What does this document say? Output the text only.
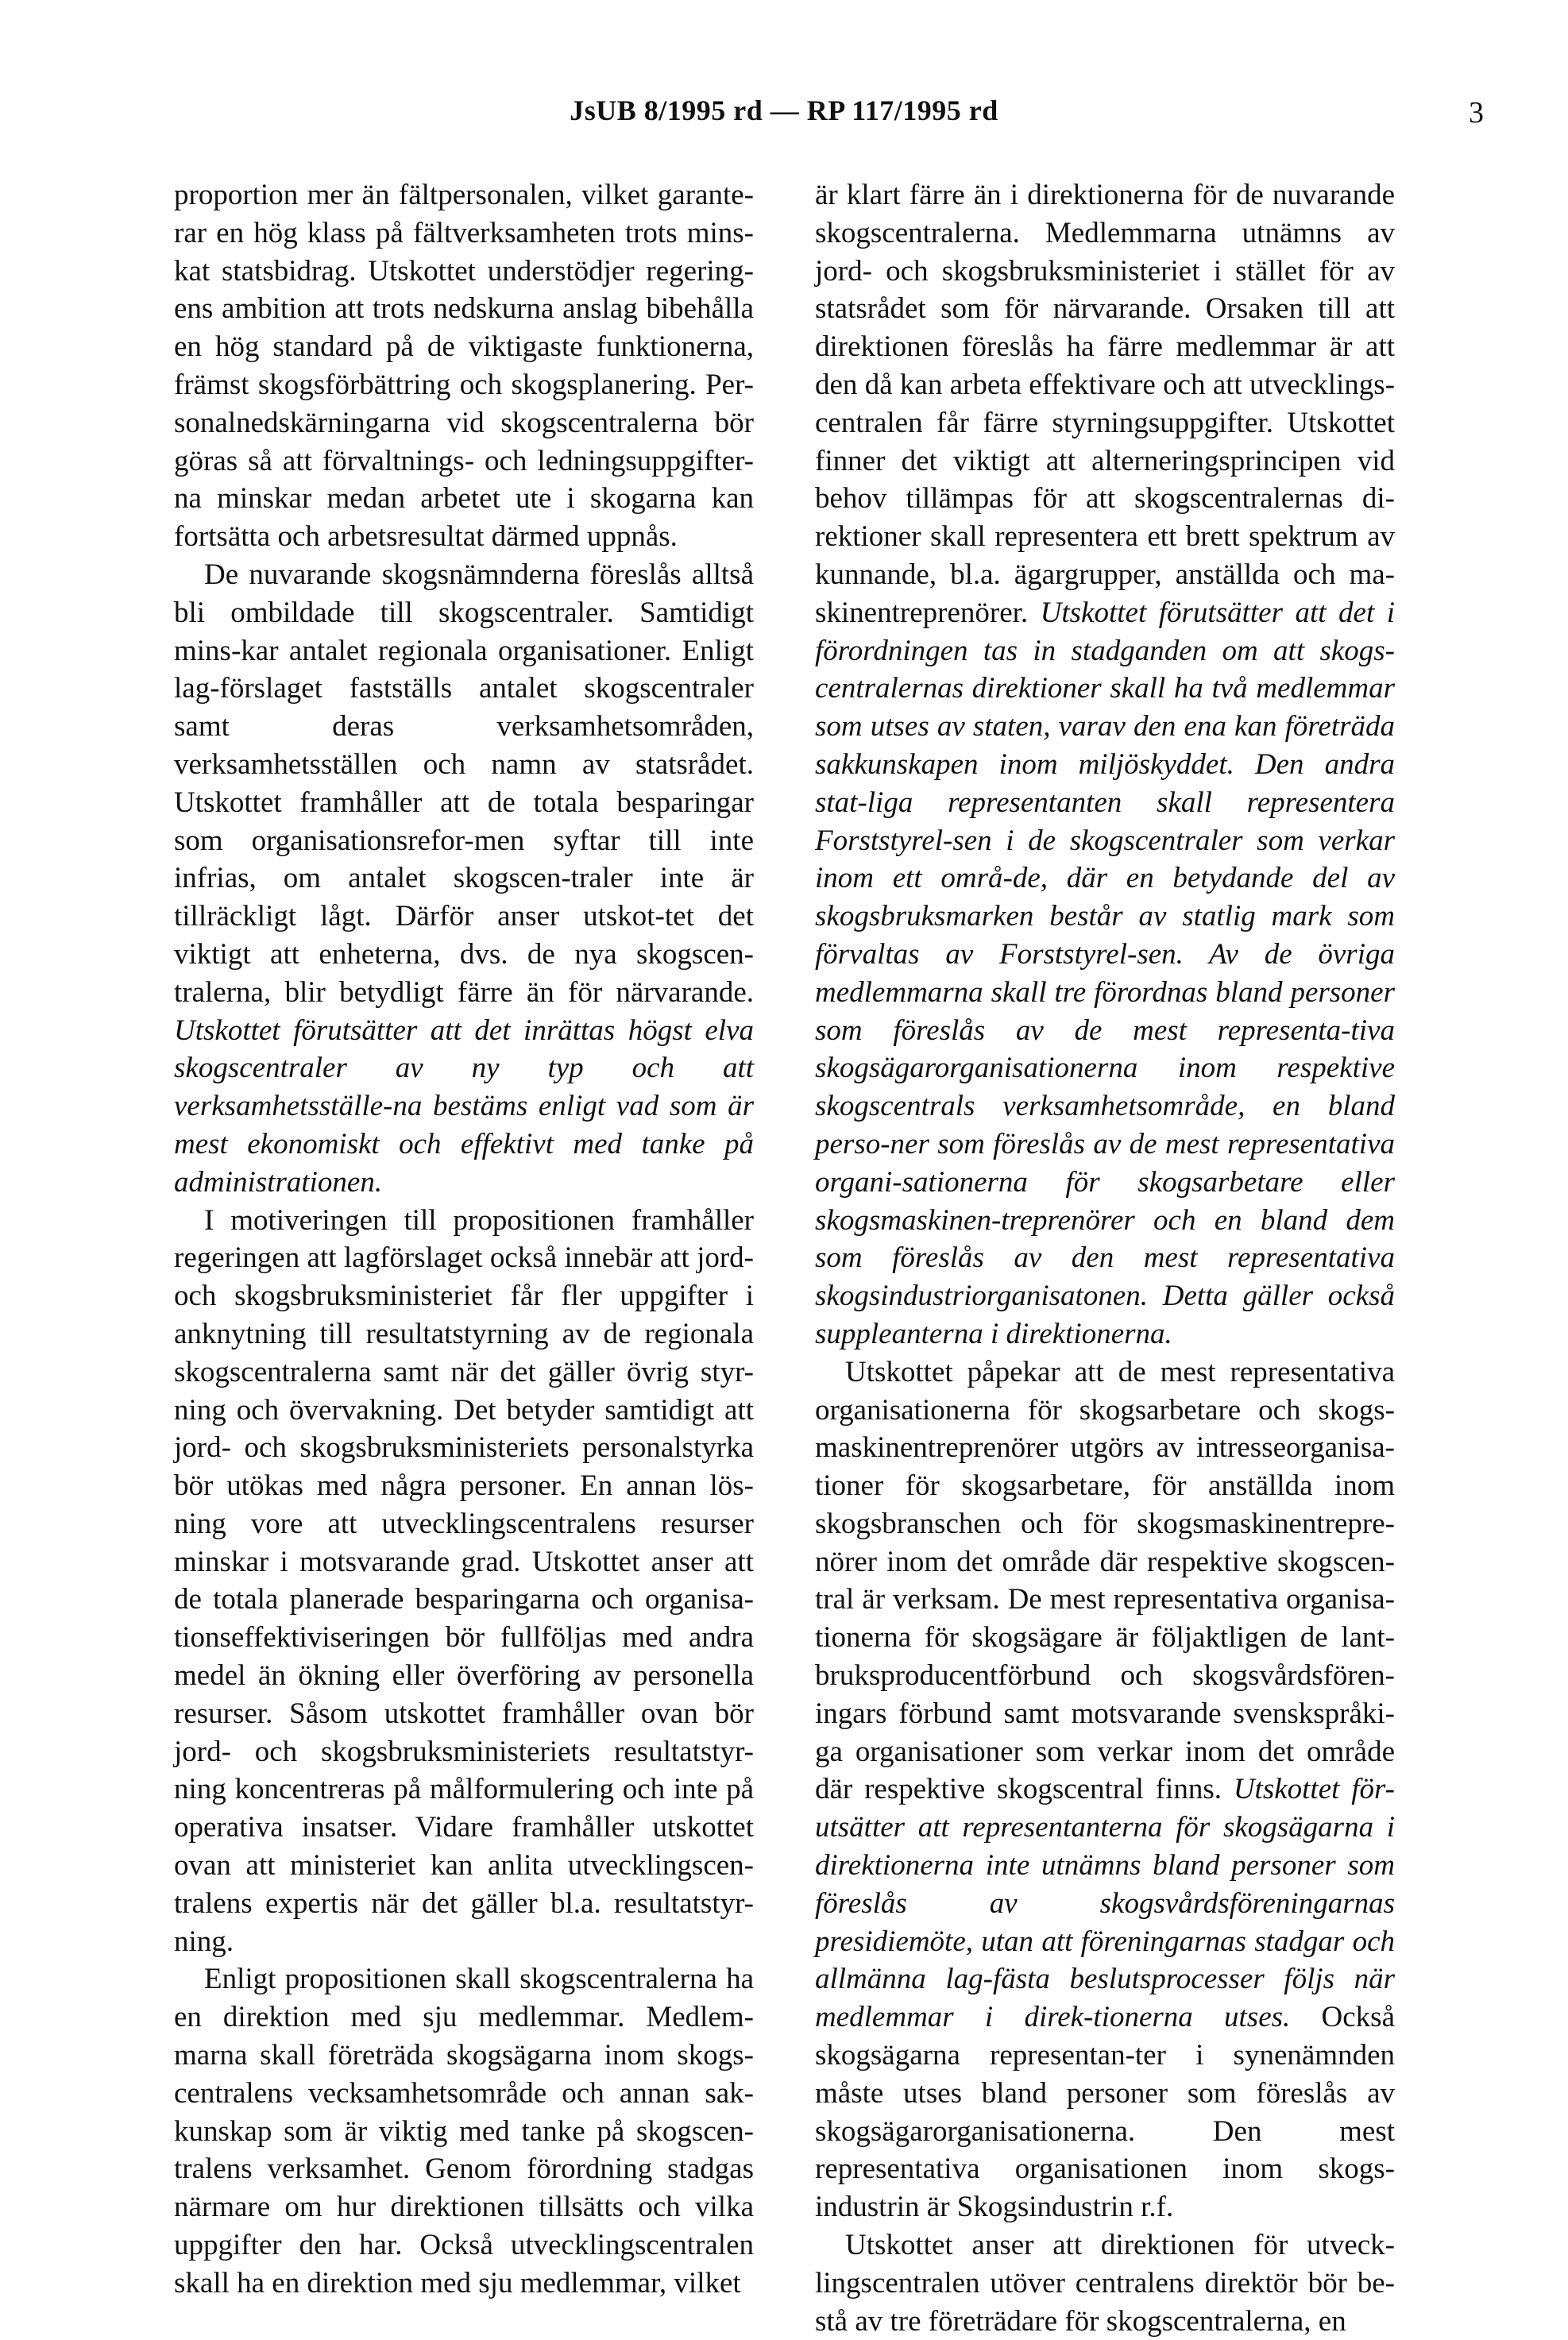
JsUB 8/1995 rd — RP 117/1995 rd	3

proportion mer än fältpersonalen, vilket garante-rar en hög klass på fältverksamheten trots mins-kat statsbidrag. Utskottet understödjer regering-ens ambition att trots nedskurna anslag bibehålla en hög standard på de viktigaste funktionerna, främst skogsförbättring och skogsplanering. Per-sonalnedskärningarna vid skogscentralerna bör göras så att förvaltnings- och ledningsuppgifter-na minskar medan arbetet ute i skogarna kan fortsätta och arbetsresultat därmed uppnås.

De nuvarande skogsnämnderna föreslås alltså bli ombildade till skogscentraler. Samtidigt mins-kar antalet regionala organisationer. Enligt lag-förslaget fastställs antalet skogscentraler samt deras verksamhetsområden, verksamhetsställen och namn av statsrådet. Utskottet framhåller att de totala besparingar som organisationsrefor-men syftar till inte infrias, om antalet skogscen-traler inte är tillräckligt lågt. Därför anser utskot-tet det viktigt att enheterna, dvs. de nya skogscen-tralerna, blir betydligt färre än för närvarande. Utskottet förutsätter att det inrättas högst elva skogscentraler av ny typ och att verksamhetsställe-na bestäms enligt vad som är mest ekonomiskt och effektivt med tanke på administrationen.

I motiveringen till propositionen framhåller regeringen att lagförslaget också innebär att jord- och skogsbruksministeriet får fler uppgifter i anknytning till resultatstyrning av de regionala skogscentralerna samt när det gäller övrig styr-ning och övervakning. Det betyder samtidigt att jord- och skogsbruksministeriets personalstyrka bör utökas med några personer. En annan lös-ning vore att utvecklingscentralens resurser minskar i motsvarande grad. Utskottet anser att de totala planerade besparingarna och organisa-tionseffektiviseringen bör fullföljas med andra medel än ökning eller överföring av personella resurser. Såsom utskottet framhåller ovan bör jord- och skogsbruksministeriets resultatstyr-ning koncentreras på målformulering och inte på operativa insatser. Vidare framhåller utskottet ovan att ministeriet kan anlita utvecklingscen-tralens expertis när det gäller bl.a. resultatstyr-ning.

Enligt propositionen skall skogscentralerna ha en direktion med sju medlemmar. Medlem-marna skall företräda skogsägarna inom skogs-centralens vecksamhetsområde och annan sak-kunskap som är viktig med tanke på skogscen-tralens verksamhet. Genom förordning stadgas närmare om hur direktionen tillsätts och vilka uppgifter den har. Också utvecklingscentralen skall ha en direktion med sju medlemmar, vilket

är klart färre än i direktionerna för de nuvarande skogscentralerna. Medlemmarna utnämns av jord- och skogsbruksministeriet i stället för av statsrådet som för närvarande. Orsaken till att direktionen föreslås ha färre medlemmar är att den då kan arbeta effektivare och att utvecklings-centralen får färre styrningsuppgifter. Utskottet finner det viktigt att alterneringsprincipen vid behov tillämpas för att skogscentralernas di-rektioner skall representera ett brett spektrum av kunnande, bl.a. ägargrupper, anställda och ma-skinentreprenörer. Utskottet förutsätter att det i förordningen tas in stadganden om att skogs-centralernas direktioner skall ha två medlemmar som utses av staten, varav den ena kan företräda sakkunskapen inom miljöskyddet. Den andra stat-liga representanten skall representera Forststyrel-sen i de skogscentraler som verkar inom ett områ-de, där en betydande del av skogsbruksmarken består av statlig mark som förvaltas av Forststyrel-sen. Av de övriga medlemmarna skall tre förordnas bland personer som föreslås av de mest representa-tiva skogsägarorganisationerna inom respektive skogscentrals verksamhetsområde, en bland perso-ner som föreslås av de mest representativa organi-sationerna för skogsarbetare eller skogsmaskinen-treprenörer och en bland dem som föreslås av den mest representativa skogsindustriorganisatonen. Detta gäller också suppleanterna i direktionerna.

Utskottet påpekar att de mest representativa organisationerna för skogsarbetare och skogs-maskinentreprenörer utgörs av intresseorganisa-tioner för skogsarbetare, för anställda inom skogsbranschen och för skogsmaskinentrepre-nörer inom det område där respektive skogscen-tral är verksam. De mest representativa organisa-tionerna för skogsägare är följaktligen de lant-bruksproducentförbund och skogsvårdsfören-ingars förbund samt motsvarande svenskspråki-ga organisationer som verkar inom det område där respektive skogscentral finns. Utskottet för-utsätter att representanterna för skogsägarna i direktionerna inte utnämns bland personer som föreslås av skogsvårdsföreningarnas presidiemöte, utan att föreningarnas stadgar och allmänna lag-fästa beslutsprocesser följs när medlemmar i direk-tionerna utses. Också skogsägarna representan-ter i synenämnden måste utses bland personer som föreslås av skogsägarorganisationerna. Den mest representativa organisationen inom skogs-industrin är Skogsindustrin r.f.

Utskottet anser att direktionen för utveck-lingscentralen utöver centralens direktör bör be-stå av tre företrädare för skogscentralerna, en
